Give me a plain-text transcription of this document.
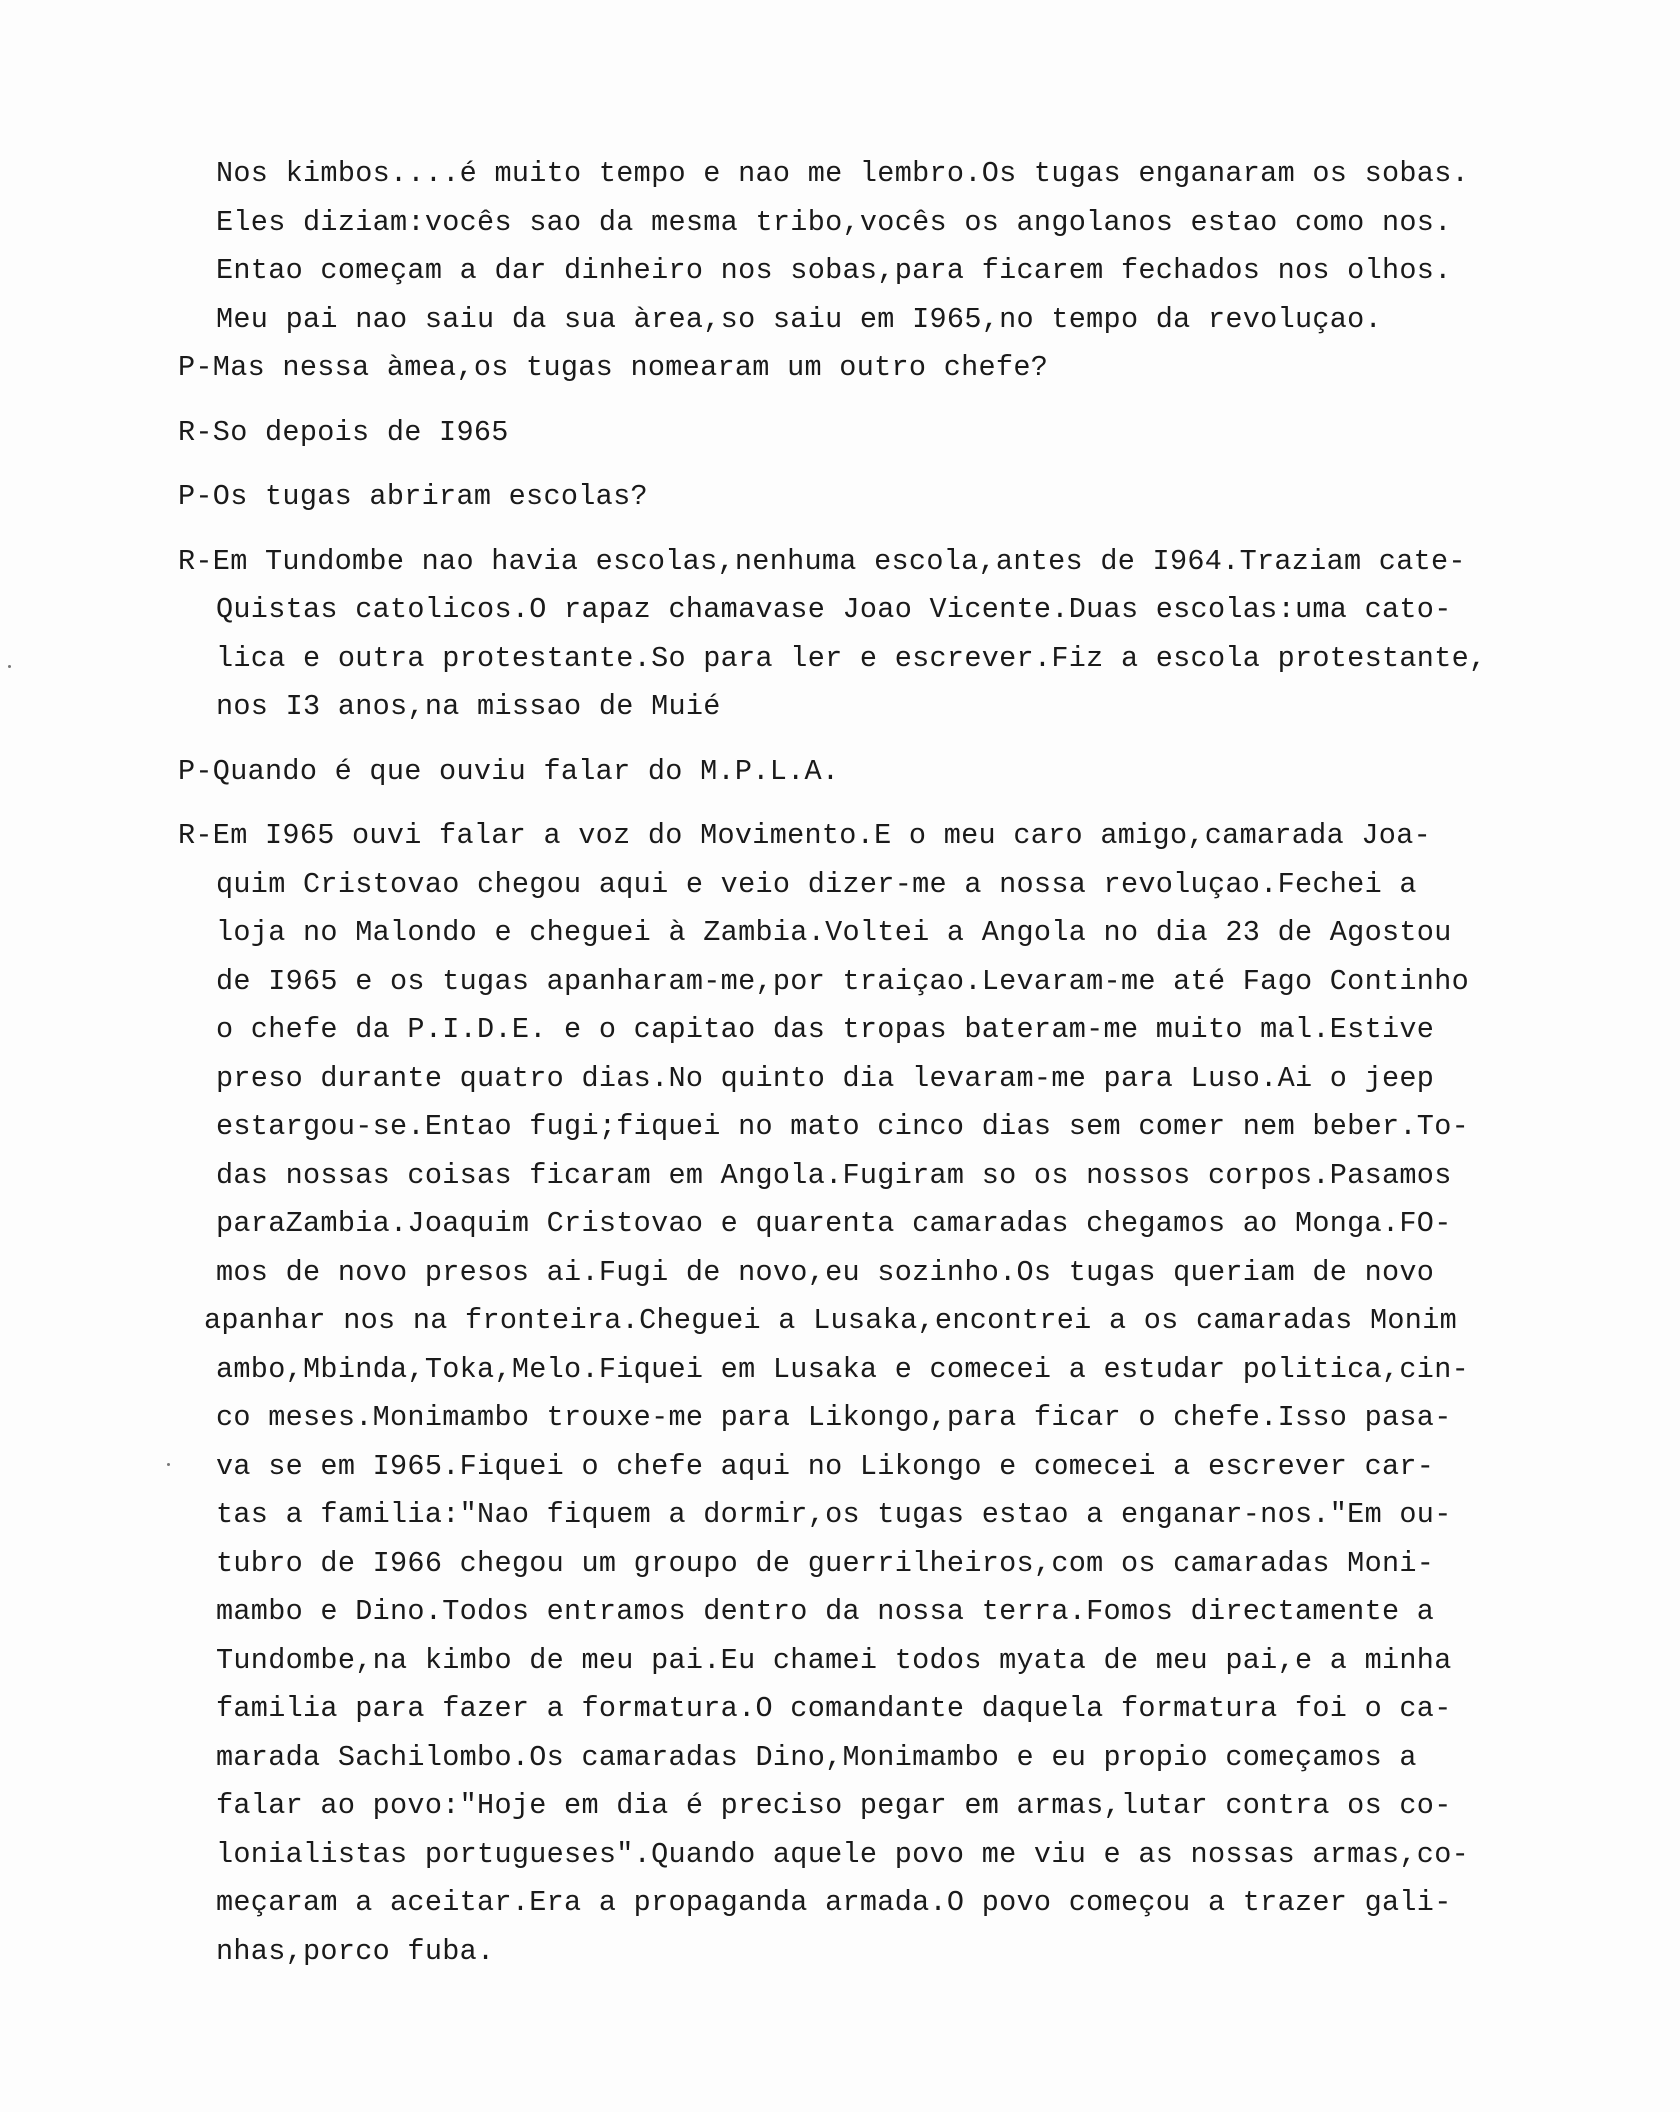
Nos kimbos....é muito tempo e nao me lembro.Os tugas enganaram os sobas.
Eles diziam:vocês sao da mesma tribo,vocês os angolanos estao como nos.
Entao começam a dar dinheiro nos sobas,para ficarem fechados nos olhos.
Meu pai nao saiu da sua àrea,so saiu em I965,no tempo da revoluçao.
P-Mas nessa àmea,os tugas nomearam um outro chefe?
R-So depois de I965
P-Os tugas abriram escolas?
R-Em Tundombe nao havia escolas,nenhuma escola,antes de I964.Traziam cate-
Quistas catolicos.O rapaz chamavase Joao Vicente.Duas escolas:uma cato-
lica e outra protestante.So para ler e escrever.Fiz a escola protestante,
nos I3 anos,na missao de Muié
P-Quando é que ouviu falar do M.P.L.A.
R-Em I965 ouvi falar a voz do Movimento.E o meu caro amigo,camarada Joa-
quim Cristovao chegou aqui e veio dizer-me a nossa revoluçao.Fechei a
loja no Malondo e cheguei à Zambia.Voltei a Angola no dia 23 de Agostou
de I965 e os tugas apanharam-me,por traiçao.Levaram-me até Fago Continho
o chefe da P.I.D.E. e o capitao das tropas bateram-me muito mal.Estive
preso durante quatro dias.No quinto dia levaram-me para Luso.Ai o jeep
estargou-se.Entao fugi;fiquei no mato cinco dias sem comer nem beber.To-
das nossas coisas ficaram em Angola.Fugiram so os nossos corpos.Pasamos
paraZambia.Joaquim Cristovao e quarenta camaradas chegamos ao Monga.FO-
mos de novo presos ai.Fugi de novo,eu sozinho.Os tugas queriam de novo
apanhar nos na fronteira.Cheguei a Lusaka,encontrei a os camaradas Monim
ambo,Mbinda,Toka,Melo.Fiquei em Lusaka e comecei a estudar politica,cin-
co meses.Monimambo trouxe-me para Likongo,para ficar o chefe.Isso pasa-
va se em I965.Fiquei o chefe aqui no Likongo e comecei a escrever car-
tas a familia:"Nao fiquem a dormir,os tugas estao a enganar-nos."Em ou-
tubro de I966 chegou um groupo de guerrilheiros,com os camaradas Moni-
mambo e Dino.Todos entramos dentro da nossa terra.Fomos directamente a
Tundombe,na kimbo de meu pai.Eu chamei todos myata de meu pai,e a minha
familia para fazer a formatura.O comandante daquela formatura foi o ca-
marada Sachilombo.Os camaradas Dino,Monimambo e eu propio começamos a
falar ao povo:"Hoje em dia é preciso pegar em armas,lutar contra os co-
lonialistas portugueses".Quando aquele povo me viu e as nossas armas,co-
meçaram a aceitar.Era a propaganda armada.O povo começou a trazer gali-
nhas,porco fuba.
